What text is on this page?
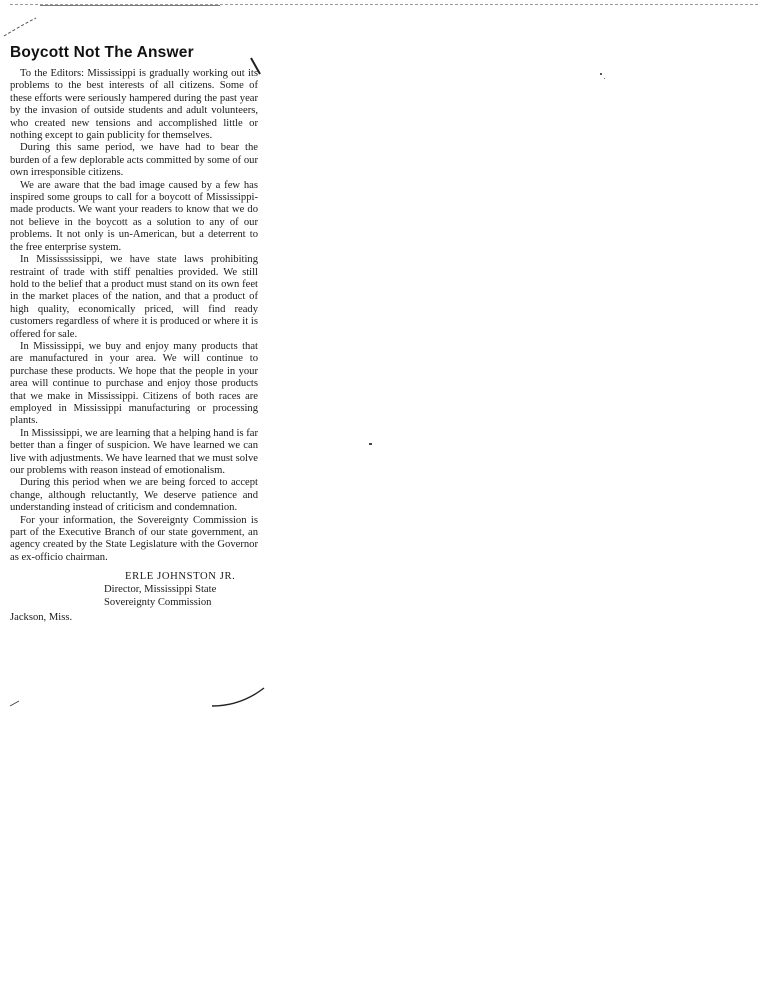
Boycott Not The Answer

To the Editors: Mississippi is gradually working out its problems to the best interests of all citizens. Some of these efforts were seriously hampered during the past year by the invasion of outside students and adult volunteers, who created new tensions and accomplished little or nothing except to gain publicity for themselves.

During this same period, we have had to bear the burden of a few deplorable acts committed by some of our own irresponsible citizens.

We are aware that the bad image caused by a few has inspired some groups to call for a boycott of Mississippi-made products. We want your readers to know that we do not believe in the boycott as a solution to any of our problems. It not only is un-American, but a deterrent to the free enterprise system.

In Mississsissippi, we have state laws prohibiting restraint of trade with stiff penalties provided. We still hold to the belief that a product must stand on its own feet in the market places of the nation, and that a product of high quality, economically priced, will find ready customers regardless of where it is produced or where it is offered for sale.

In Mississippi, we buy and enjoy many products that are manufactured in your area. We will continue to purchase these products. We hope that the people in your area will continue to purchase and enjoy those products that we make in Mississippi. Citizens of both races are employed in Mississippi manufacturing or processing plants.

In Mississippi, we are learning that a helping hand is far better than a finger of suspicion. We have learned we can live with adjustments. We have learned that we must solve our problems with reason instead of emotionalism.

During this period when we are being forced to accept change, although reluctantly, We deserve patience and understanding instead of criticism and condemnation.

For your information, the Sovereignty Commission is part of the Executive Branch of our state government, an agency created by the State Legislature with the Governor as ex-officio chairman.

ERLE JOHNSTON JR.
Director, Mississippi State
Sovereignty Commission
Jackson, Miss.
